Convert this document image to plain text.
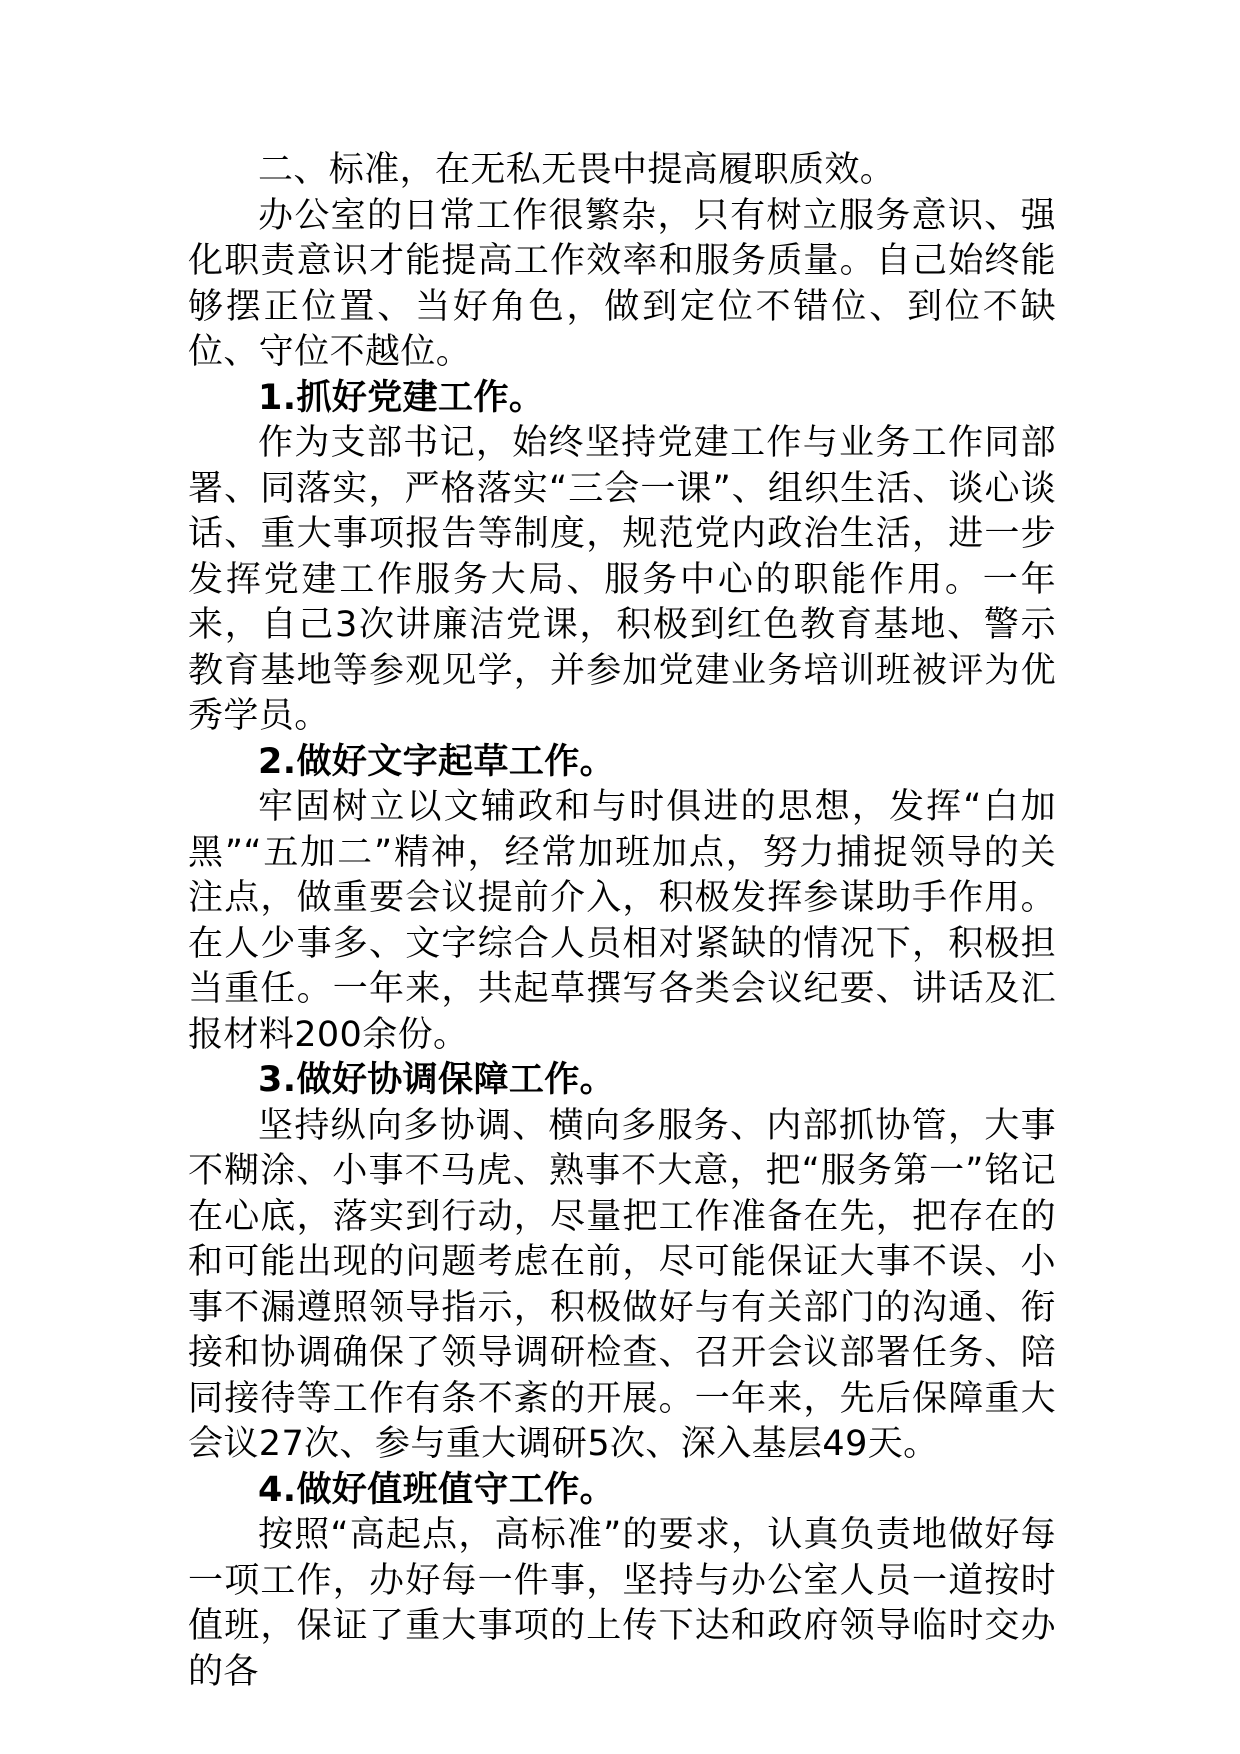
二、标准，在无私无畏中提高履职质效。

办公室的日常工作很繁杂，只有树立服务意识、强化职责意识才能提高工作效率和服务质量。自己始终能够摆正位置、当好角色，做到定位不错位、到位不缺位、守位不越位。

1.抓好党建工作。

作为支部书记，始终坚持党建工作与业务工作同部署、同落实，严格落实“三会一课”、组织生活、谈心谈话、重大事项报告等制度，规范党内政治生活，进一步发挥党建工作服务大局、服务中心的职能作用。一年来，自己3次讲廉洁党课，积极到红色教育基地、警示教育基地等参观见学，并参加党建业务培训班被评为优秀学员。

2.做好文字起草工作。

牢固树立以文辅政和与时俱进的思想，发挥“白加黑”“五加二”精神，经常加班加点，努力捕捉领导的关注点，做重要会议提前介入，积极发挥参谋助手作用。在人少事多、文字综合人员相对紧缺的情况下，积极担当重任。一年来，共起草撰写各类会议纪要、讲话及汇报材料200余份。

3.做好协调保障工作。

坚持纵向多协调、横向多服务、内部抓协管，大事不糊涂、小事不马虎、熟事不大意，把“服务第一”铭记在心底，落实到行动，尽量把工作准备在先，把存在的和可能出现的问题考虑在前，尽可能保证大事不误、小事不漏遵照领导指示，积极做好与有关部门的沟通、衔接和协调确保了领导调研检查、召开会议部署任务、陪同接待等工作有条不紊的开展。一年来，先后保障重大会议27次、参与重大调研5次、深入基层49天。

4.做好值班值守工作。

按照“高起点，高标准”的要求，认真负责地做好每一项工作，办好每一件事，坚持与办公室人员一道按时值班，保证了重大事项的上传下达和政府领导临时交办的各
